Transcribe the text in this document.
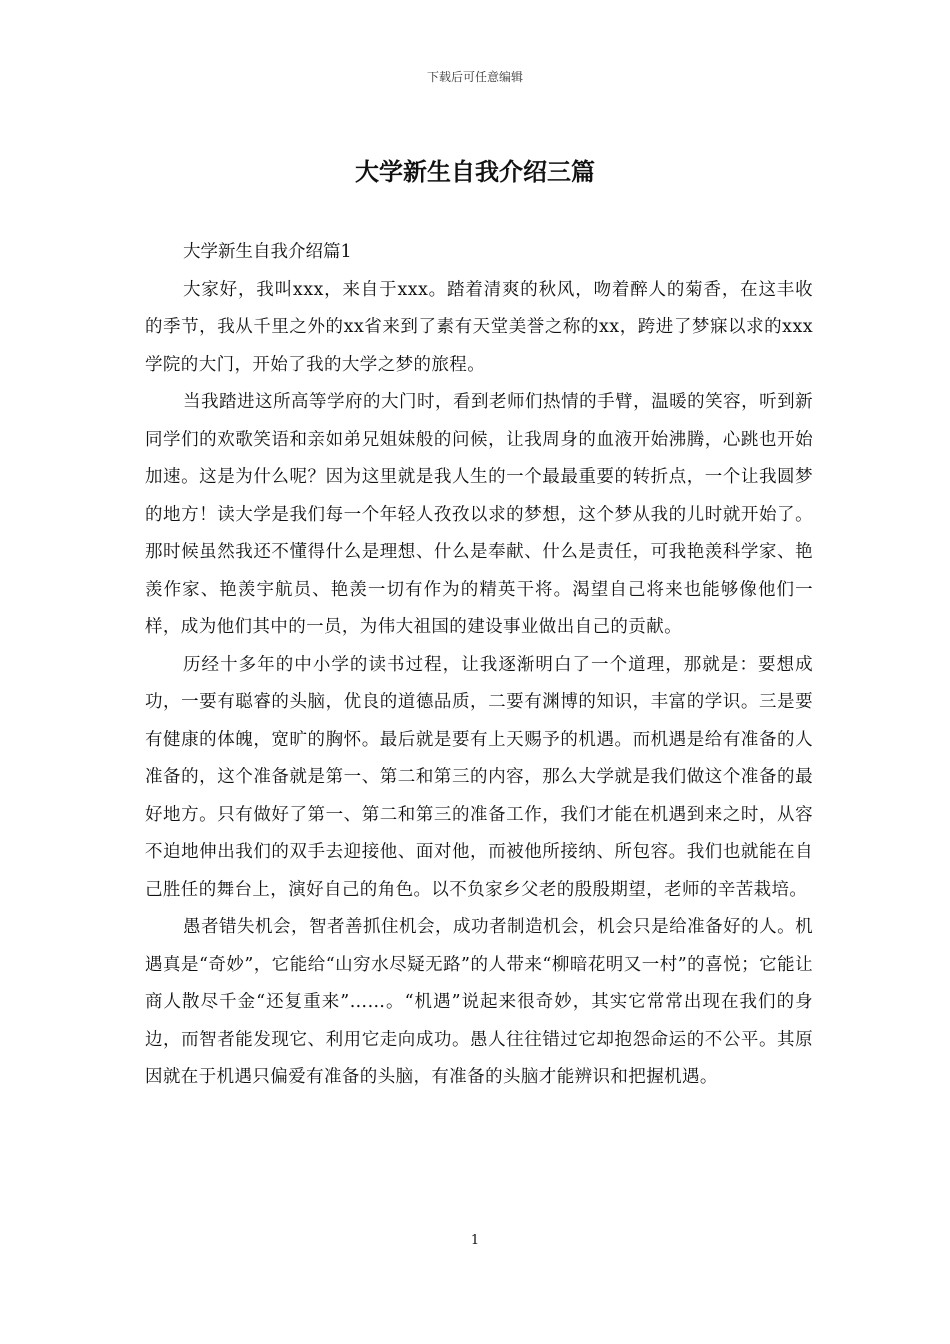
下载后可任意编辑
大学新生自我介绍三篇

大学新生自我介绍篇1

大家好，我叫xxx，来自于xxx。踏着清爽的秋风，吻着醉人的菊香，在这丰收的季节，我从千里之外的xx省来到了素有天堂美誉之称的xx，跨进了梦寐以求的xxx学院的大门，开始了我的大学之梦的旅程。

当我踏进这所高等学府的大门时，看到老师们热情的手臂，温暖的笑容，听到新同学们的欢歌笑语和亲如弟兄姐妹般的问候，让我周身的血液开始沸腾，心跳也开始加速。这是为什么呢？因为这里就是我人生的一个最最重要的转折点，一个让我圆梦的地方！读大学是我们每一个年轻人孜孜以求的梦想，这个梦从我的儿时就开始了。那时候虽然我还不懂得什么是理想、什么是奉献、什么是责任，可我艳羡科学家、艳羡作家、艳羡宇航员、艳羡一切有作为的精英干将。渴望自己将来也能够像他们一样，成为他们其中的一员，为伟大祖国的建设事业做出自己的贡献。

历经十多年的中小学的读书过程，让我逐渐明白了一个道理，那就是：要想成功，一要有聪睿的头脑，优良的道德品质，二要有渊博的知识，丰富的学识。三是要有健康的体魄，宽旷的胸怀。最后就是要有上天赐予的机遇。而机遇是给有准备的人准备的，这个准备就是第一、第二和第三的内容，那么大学就是我们做这个准备的最好地方。只有做好了第一、第二和第三的准备工作，我们才能在机遇到来之时，从容不迫地伸出我们的双手去迎接他、面对他，而被他所接纳、所包容。我们也就能在自己胜任的舞台上，演好自己的角色。以不负家乡父老的殷殷期望，老师的辛苦栽培。

愚者错失机会，智者善抓住机会，成功者制造机会，机会只是给准备好的人。机遇真是“奇妙”，它能给“山穷水尽疑无路”的人带来“柳暗花明又一村”的喜悦；它能让商人散尽千金“还复重来”……。“机遇”说起来很奇妙，其实它常常出现在我们的身边，而智者能发现它、利用它走向成功。愚人往往错过它却抱怨命运的不公平。其原因就在于机遇只偏爱有准备的头脑，有准备的头脑才能辨识和把握机遇。

1
